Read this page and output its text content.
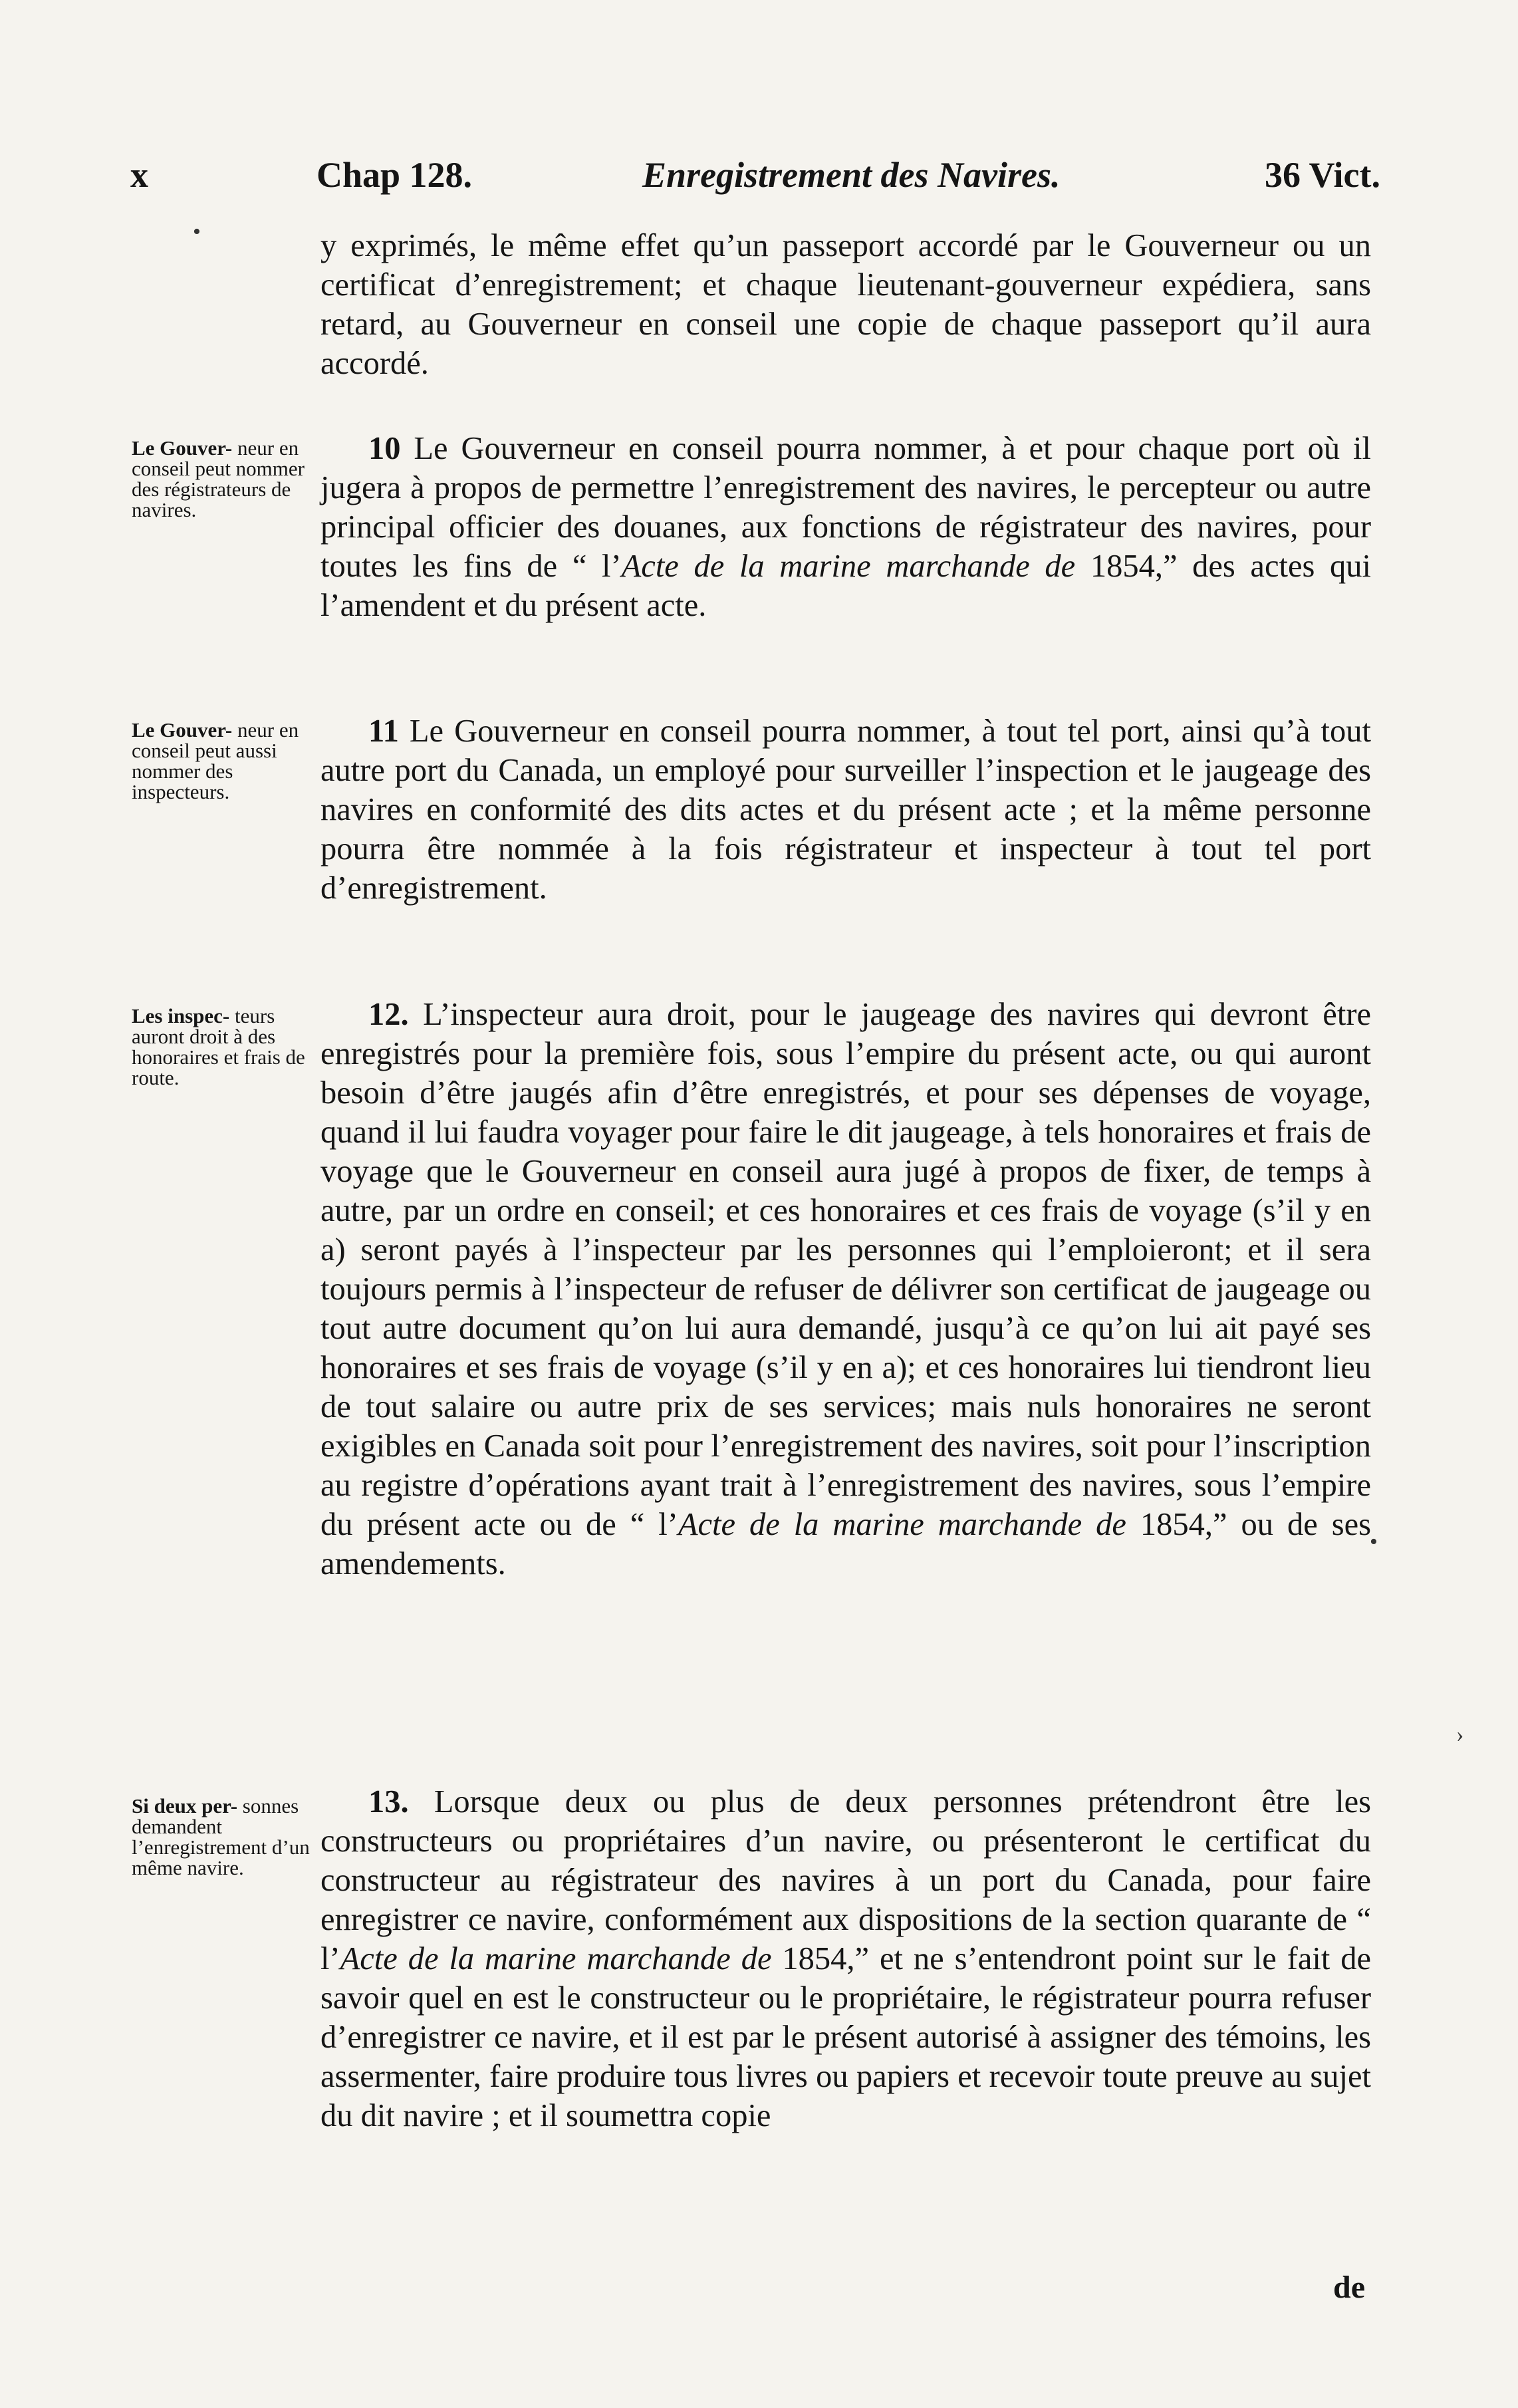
x	Chap 128.	Enregistrement des Navires.	36 Vict.
•
•
›

y exprimés, le même effet qu’un passeport accordé par le Gouverneur ou un certificat d’enregistrement; et chaque lieutenant-gouverneur expédiera, sans retard, au Gouverneur en conseil une copie de chaque passeport qu’il aura accordé.

Le Gouver- neur en conseil peut nommer des régistrateurs de navires.

10 Le Gouverneur en conseil pourra nommer, à et pour chaque port où il jugera à propos de permettre l’enregistrement des navires, le percepteur ou autre principal officier des douanes, aux fonctions de régistrateur des navires, pour toutes les fins de “ l’Acte de la marine marchande de 1854,” des actes qui l’amendent et du présent acte.

Le Gouver- neur en conseil peut aussi nommer des inspecteurs.

11 Le Gouverneur en conseil pourra nommer, à tout tel port, ainsi qu’à tout autre port du Canada, un employé pour surveiller l’inspection et le jaugeage des navires en conformité des dits actes et du présent acte ; et la même personne pourra être nommée à la fois régistrateur et inspecteur à tout tel port d’enregistrement.

Les inspec- teurs auront droit à des honoraires et frais de route.

12. L’inspecteur aura droit, pour le jaugeage des navires qui devront être enregistrés pour la première fois, sous l’empire du présent acte, ou qui auront besoin d’être jaugés afin d’être enregistrés, et pour ses dépenses de voyage, quand il lui faudra voyager pour faire le dit jaugeage, à tels honoraires et frais de voyage que le Gouverneur en conseil aura jugé à propos de fixer, de temps à autre, par un ordre en conseil; et ces honoraires et ces frais de voyage (s’il y en a) seront payés à l’inspecteur par les personnes qui l’emploieront; et il sera toujours permis à l’inspecteur de refuser de délivrer son certificat de jaugeage ou tout autre document qu’on lui aura demandé, jusqu’à ce qu’on lui ait payé ses honoraires et ses frais de voyage (s’il y en a); et ces honoraires lui tiendront lieu de tout salaire ou autre prix de ses services; mais nuls honoraires ne seront exigibles en Canada soit pour l’enregistrement des navires, soit pour l’inscription au registre d’opérations ayant trait à l’enregistrement des navires, sous l’empire du présent acte ou de “ l’Acte de la marine marchande de 1854,” ou de ses amendements.

Si deux per- sonnes demandent l’enregistrement d’un même navire.

13. Lorsque deux ou plus de deux personnes prétendront être les constructeurs ou propriétaires d’un navire, ou présenteront le certificat du constructeur au régistrateur des navires à un port du Canada, pour faire enregistrer ce navire, conformément aux dispositions de la section quarante de “ l’Acte de la marine marchande de 1854,” et ne s’entendront point sur le fait de savoir quel en est le constructeur ou le propriétaire, le régistrateur pourra refuser d’enregistrer ce navire, et il est par le présent autorisé à assigner des témoins, les assermenter, faire produire tous livres ou papiers et recevoir toute preuve au sujet du dit navire ; et il soumettra copie

de
